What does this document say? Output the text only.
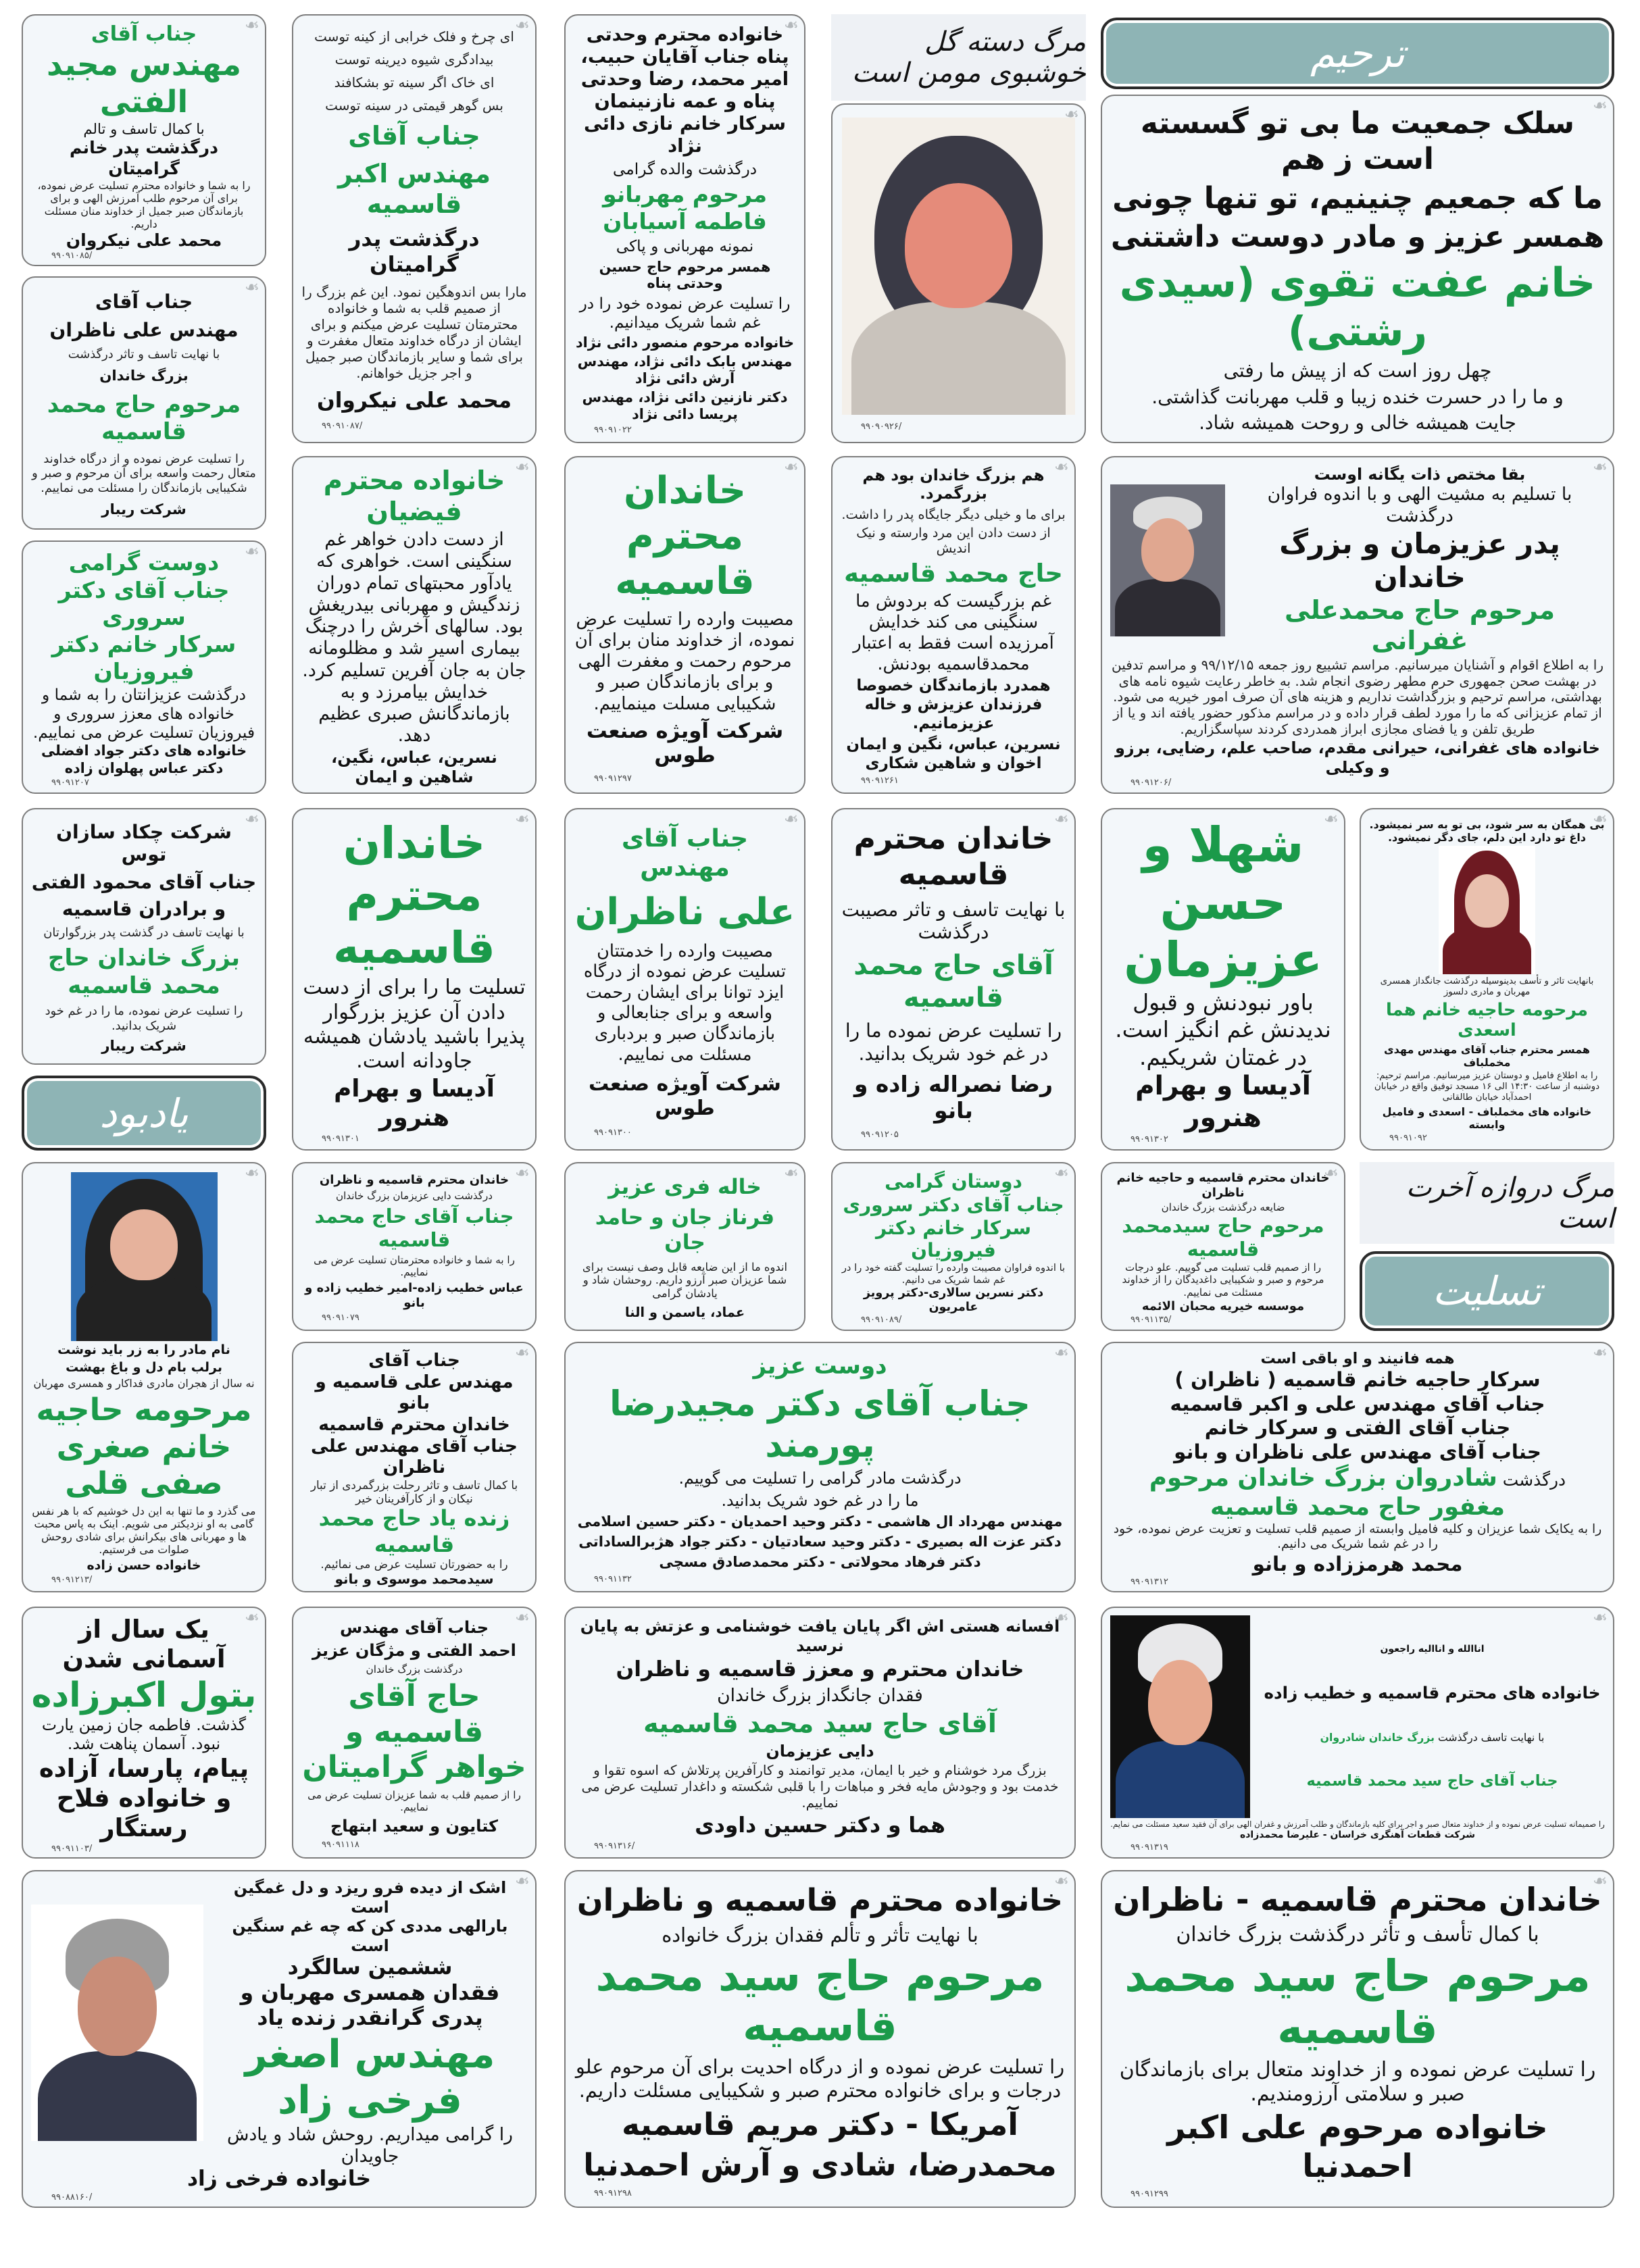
جناب آقای
مهندس مجید الفتی
با کمال تاسف و تالم
درگذشت پدر خانم گرامیتان
را به شما و خانواده محترم تسلیت عرض نموده، برای آن مرحوم طلب آمرزش الهی و برای بازماندگان صبر جمیل از خداوند منان مسئلت داریم.
محمد علی نیکروان
۹۹۰۹۱۰۸۵/
❧
جناب آقای
مهندس علی ناظران
با نهایت تاسف و تاثر درگذشت
بزرگ خاندان
مرحوم حاج محمد قاسمیه
را تسلیت عرض نموده و از درگاه خداوند متعال رحمت واسعه برای آن مرحوم و صبر و شکیبایی بازماندگان را مسئلت می نماییم.
شرکت ریبار
❧
ای چرخ و فلک خرابی از کینه توست
بیدادگری شیوه دیرینه توست
ای خاک اگر سینه تو بشکافند
بس گوهر قیمتی در سینه توست
جناب آقای
مهندس اکبر قاسمیه
درگذشت پدر گرامیتان
مارا بس اندوهگین نمود. این غم بزرگ را از صمیم قلب به شما و خانواده محترمتان تسلیت عرض میکنم و برای ایشان از درگاه خداوند متعال مغفرت و برای شما و سایر بازماندگان صبر جمیل و اجر جزیل خواهانم.
محمد علی نیکروان
۹۹۰۹۱۰۸۷/
❧
خانواده محترم وحدتی پناه جناب آقایان حبیب، امیر محمد، رضا وحدتی پناه و عمه نازنینمان سرکار خانم نازی دائی نژاد
درگذشت والده گرامی
مرحوم مهربانو فاطمه آسیابان
نمونه مهربانی و پاکی
همسر مرحوم حاج حسین وحدتی پناه
را تسلیت عرض نموده خود را در غم شما شریک میدانیم.
خانواده مرحوم منصور دائی نژاد
مهندس بابک دائی نژاد، مهندس آرش دائی نژاد
دکتر نازنین دائی نژاد، مهندس پریسا دائی نژاد
۹۹۰۹۱۰۲۲
❧
مرگ دسته گل خوشبوی مومن است
۹۹۰۹۰۹۲۶/
❧
ترحیم
سلک جمعیت ما بی تو گسسته است ز هم
ما که جمعیم چنینیم، تو تنها چونی
همسر عزیز و مادر دوست داشتنی
خانم عفت تقوی (سیدی رشتی)
چهل روز است که از پیش ما رفتی
و ما را در حسرت خنده زیبا و قلب مهربانت گذاشتی.
جایت همیشه خالی و روحت همیشه شاد.
❧
دوست گرامی
جناب آقای دکتر سروری
سرکار خانم دکتر فیروزیان
درگذشت عزیزانتان را به شما و خانواده های معزز سروری و فیروزیان تسلیت عرض می نماییم.
خانواده های دکتر جواد افضلی
دکتر عباس پهلوان زاده
۹۹۰۹۱۲۰۷
❧
خانواده محترم فیضیان
از دست دادن خواهر غم سنگینی است. خواهری که یادآور محبتهای تمام دوران زندگیش و مهربانی بیدریغش بود. سالهای آخرش را درچنگ بیماری اسیر شد و مظلومانه جان به جان آفرین تسلیم کرد. خدایش بیامرزد و به بازماندگانش صبری عظیم دهد.
نسرین، عباس، نگین، شاهین و ایمان
❧
خاندان محترم قاسمیه
مصیبت وارده را تسلیت عرض نموده، از خداوند منان برای آن مرحوم رحمت و مغفرت الهی و برای بازماندگان صبر و شکیبایی مسلت مینماییم.
شرکت آویژه صنعت طوس
۹۹۰۹۱۲۹۷
❧
هم بزرگ خاندان بود هم بزرگمرد.
برای ما و خیلی دیگر جایگاه پدر را داشت.
از دست دادن این مرد وارسته و نیک اندیش
حاج محمد قاسمیه
غم بزرگیست که بردوش ما سنگینی می کند خدایش آمرزیده است فقط به اعتبار محمدقاسمیه بودنش.
همدرد بازماندگان خصوصا فرزندان عزیزش و خاله عزیزمانیم.
نسرین، عباس، نگین و ایمان اخوان و شاهین شکاری
۹۹۰۹۱۲۶۱
❧
بقا مختص ذات یگانه اوست
با تسلیم به مشیت الهی و با اندوه فراوان درگذشت
پدر عزیزمان و بزرگ خاندان
مرحوم حاج محمدعلی غفرانی
را به اطلاع اقوام و آشنایان میرسانیم. مراسم تشییع روز جمعه ۹۹/۱۲/۱۵ و مراسم تدفین در بهشت صحن جمهوری حرم مطهر رضوی انجام شد. به خاطر رعایت شیوه نامه های بهداشتی، مراسم ترحیم و بزرگداشت نداریم و هزینه های آن صرف امور خیریه می شود. از تمام عزیزانی که ما را مورد لطف قرار داده و در مراسم مذکور حضور یافته اند و یا از طریق تلفن و یا فضای مجازی ابراز همدردی کردند سپاسگزاریم.
خانواده های غفرانی، حیرانی مقدم، صاحب علم، رضایی، برزو و وکیلی
۹۹۰۹۱۲۰۶/
❧
شرکت چکاد سازان توس
جناب آقای محمود الفتی
و برادران قاسمیه
با نهایت تاسف در گذشت پدر بزرگوارتان
بزرگ خاندان حاج محمد قاسمیه
را تسلیت عرض نموده، ما را در غم خود شریک بدانید.
شرکت ریبار
❧
یادبود
خاندان محترم قاسمیه
تسلیت ما را برای از دست دادن آن عزیز بزرگوار پذیرا باشید یادشان همیشه جاودانه است.
آدیسا و بهرام هنرور
۹۹۰۹۱۳۰۱
❧
جناب آقای مهندس
علی ناظران
مصیبت وارده را خدمتتان تسلیت عرض نموده از درگاه ایزد توانا برای ایشان رحمت واسعه و برای جنابعالی و بازماندگان صبر و بردباری مسئلت می نماییم.
شرکت آویژه صنعت طوس
۹۹۰۹۱۳۰۰
❧
خاندان محترم قاسمیه
با نهایت تاسف و تاثر مصیبت درگذشت
آقای حاج محمد قاسمیه
را تسلیت عرض نموده ما را در غم خود شریک بدانید.
رضا نصراله زاده و بانو
۹۹۰۹۱۲۰۵
❧
شهلا و حسن عزیزمان
باور نبودنش و قبول ندیدنش غم انگیز است.
در غمتان شریکیم.
آدیسا و بهرام هنرور
۹۹۰۹۱۳۰۲
❧
بی همگان به سر شود، بی تو به سر نمیشود. داغ تو دارد این دلم، جای دگر نمیشود.
بانهایت تاثر و تأسف بدینوسیله درگذشت جانگداز همسری مهربان و مادری دلسوز
مرحومه حاجیه خانم هما اسعدی
همسر محترم جناب آقای مهندس مهدی مخملباف
را به اطلاع فامیل و دوستان عزیز میرسانیم. مراسم ترحیم: دوشنبه از ساعت ۱۴:۳۰ الی ۱۶ مسجد توفیق واقع در خیابان احمدآباد خیابان طالقانی
خانواده های مخملباف - اسعدی و فامیل وابسته
۹۹۰۹۱۰۹۲
❧
نام مادر را به زر باید نوشت
برلب بام دل و باغ بهشت
نه سال از هجران مادری فداکار و همسری مهربان
مرحومه حاجیه خانم صغری صفی قلی
می گذرد و ما تنها به این دل خوشیم که با هر نفس گامی به او نزدیکتر می شویم. اینک به پاس محبت ها و مهربانی های بیکرانش برای شادی روحش صلوات می فرستیم.
خانواده حسن زاده
۹۹۰۹۱۲۱۳/
❧
خاندان محترم قاسمیه و ناظران
درگذشت دایی عزیزمان بزرگ خاندان
جناب آقای حاج محمد قاسمیه
را به شما و خانواده محترمتان تسلیت عرض می نماییم.
عباس خطیب زاده-امیر خطیب زاده و بانو
۹۹۰۹۱۰۷۹
❧
خاله فری عزیز
فرناز جان و حامد جان
اندوه ما از این ضایعه قابل وصف نیست برای شما عزیزان صبر آرزو داریم. روحشان شاد و یادشان گرامی
عماد، یاسمن و النا
❧
دوستان گرامی
جناب آقای دکتر سروری
سرکار خانم دکتر فیروزیان
با اندوه فراوان مصیبت وارده را تسلیت گفته خود را در غم شما شریک می دانیم.
دکتر نسرین سالاری-دکتر پرویز عامریون
۹۹۰۹۱۰۸۹/
❧
خاندان محترم قاسمیه و حاجیه خانم ناظران
ضایعه درگذشت بزرگ خاندان
مرحوم حاج سیدمحمد قاسمیه
را از صمیم قلب تسلیت می گوییم. علو درجات مرحوم و صبر و شکیبایی داغدیدگان را از خداوند مسئلت می نماییم.
موسسه خیریه محبان الائمه
۹۹۰۹۱۱۳۵/
❧
مرگ دروازه آخرت است
تسلیت
جناب آقای
مهندس علی قاسمیه و بانو
خاندان محترم قاسمیه
جناب آقای مهندس علی ناظران
با کمال تاسف و تاثر رحلت بزرگمردی از تبار نیکان و از کارآفرینان خیر
زنده یاد حاج محمد قاسمیه
را به حضورتان تسلیت عرض می نمائیم.
سیدمحمد موسوی و بانو
❧
دوست عزیز
جناب آقای دکتر مجیدرضا پورمند
درگذشت مادر گرامی را تسلیت می گوییم.
ما را در غم خود شریک بدانید.
مهندس مهرداد ال هاشمی - دکتر وحید احمدیان - دکتر حسین اسلامی
دکتر عزت اله بصیری - دکتر وحید سعادتیان - دکتر جواد هژبرالساداتی
دکتر فرهاد محولاتی - دکتر محمدصادق مسچی
۹۹۰۹۱۱۳۲
❧
همه فانیند و او باقی است
سرکار حاجیه خانم قاسمیه ( ناظران )
جناب آقای مهندس علی و اکبر قاسمیه
جناب آقای الفتی و سرکار خانم
جناب آقای مهندس علی ناظران و بانو
درگذشت شادروان بزرگ خاندان مرحوم مغفور حاج محمد قاسمیه
را به یکایک شما عزیزان و کلیه فامیل وابسته از صمیم قلب تسلیت و تعزیت عرض نموده، خود را در غم شما شریک می دانیم.
محمد هرمززاده و بانو
۹۹۰۹۱۳۱۲
❧
یک سال از آسمانی شدن
بتول اکبرزاده
گذشت. فاطمه جان زمین یارت نبود. آسمان پناهت شد.
پیام، پارسا، آزاده و خانواده فلاح رستگار
۹۹۰۹۱۱۰۳/
❧
جناب آقای مهندس
احمد الفتی و مژگان عزیز
درگذشت بزرگ خاندان
حاج آقای قاسمیه و خواهر گرامیتان
را از صمیم قلب به شما عزیزان تسلیت عرض می نماییم.
کتایون و سعید ابتهاج
۹۹۰۹۱۱۱۸
❧
افسانه هستی اش اگر پایان یافت خوشنامی و عزتش به پایان نرسید
خاندان محترم و معزز قاسمیه و ناظران
فقدان جانگداز بزرگ خاندان
آقای حاج سید محمد قاسمیه
دایی عزیزمان
بزرگ مرد خوشنام و خیر با ایمان، مدیر توانمند و کارآفرین پرتلاش که اسوه تقوا و خدمت بود و وجودش مایه فخر و مباهات را با قلبی شکسته و داغدار تسلیت عرض می نماییم.
هما و دکتر حسین داودی
۹۹۰۹۱۳۱۶/
❧
اناالله و اناالیه راجعون
خانواده های محترم قاسمیه و خطیب زاده
با نهایت تاسف درگذشت بزرگ خاندان شادروان
جناب آقای حاج سید محمد قاسمیه
را صمیمانه تسلیت عرض نموده و از خداوند متعال صبر و اجر برای کلیه بازماندگان و طلب آمرزش و غفران الهی برای آن فقید سعید مسئلت می نمایم.
شرکت قطعات آهنگری خراسان - علیرضا محمدزاده
۹۹۰۹۱۳۱۹
❧
اشک از دیده فرو ریزد و دل غمگین است
بارالهی مددی کن که چه غم سنگین است
ششمین سالگرد
فقدان همسری مهربان و پدری گرانقدر زنده یاد
مهندس اصغر فرخی زاد
را گرامی میداریم. روحش شاد و یادش جاویدان
خانواده فرخی زاد
۹۹۰۸۸۱۶۰/
❧
خانواده محترم قاسمیه و ناظران
با نهایت تأثر و تألم فقدان بزرگ خانواده
مرحوم حاج سید محمد قاسمیه
را تسلیت عرض نموده و از درگاه احدیت برای آن مرحوم علو درجات و برای خانواده محترم صبر و شکیبایی مسئلت داریم.
آمریکا - دکتر مریم قاسمیه
محمدرضا، شادی و آرش احمدنیا
۹۹۰۹۱۲۹۸
❧
خاندان محترم قاسمیه - ناظران
با کمال تأسف و تأثر درگذشت بزرگ خاندان
مرحوم حاج سید محمد قاسمیه
را تسلیت عرض نموده و از خداوند متعال برای بازماندگان صبر و سلامتی آرزومندیم.
خانواده مرحوم علی اکبر احمدنیا
۹۹۰۹۱۲۹۹
❧
